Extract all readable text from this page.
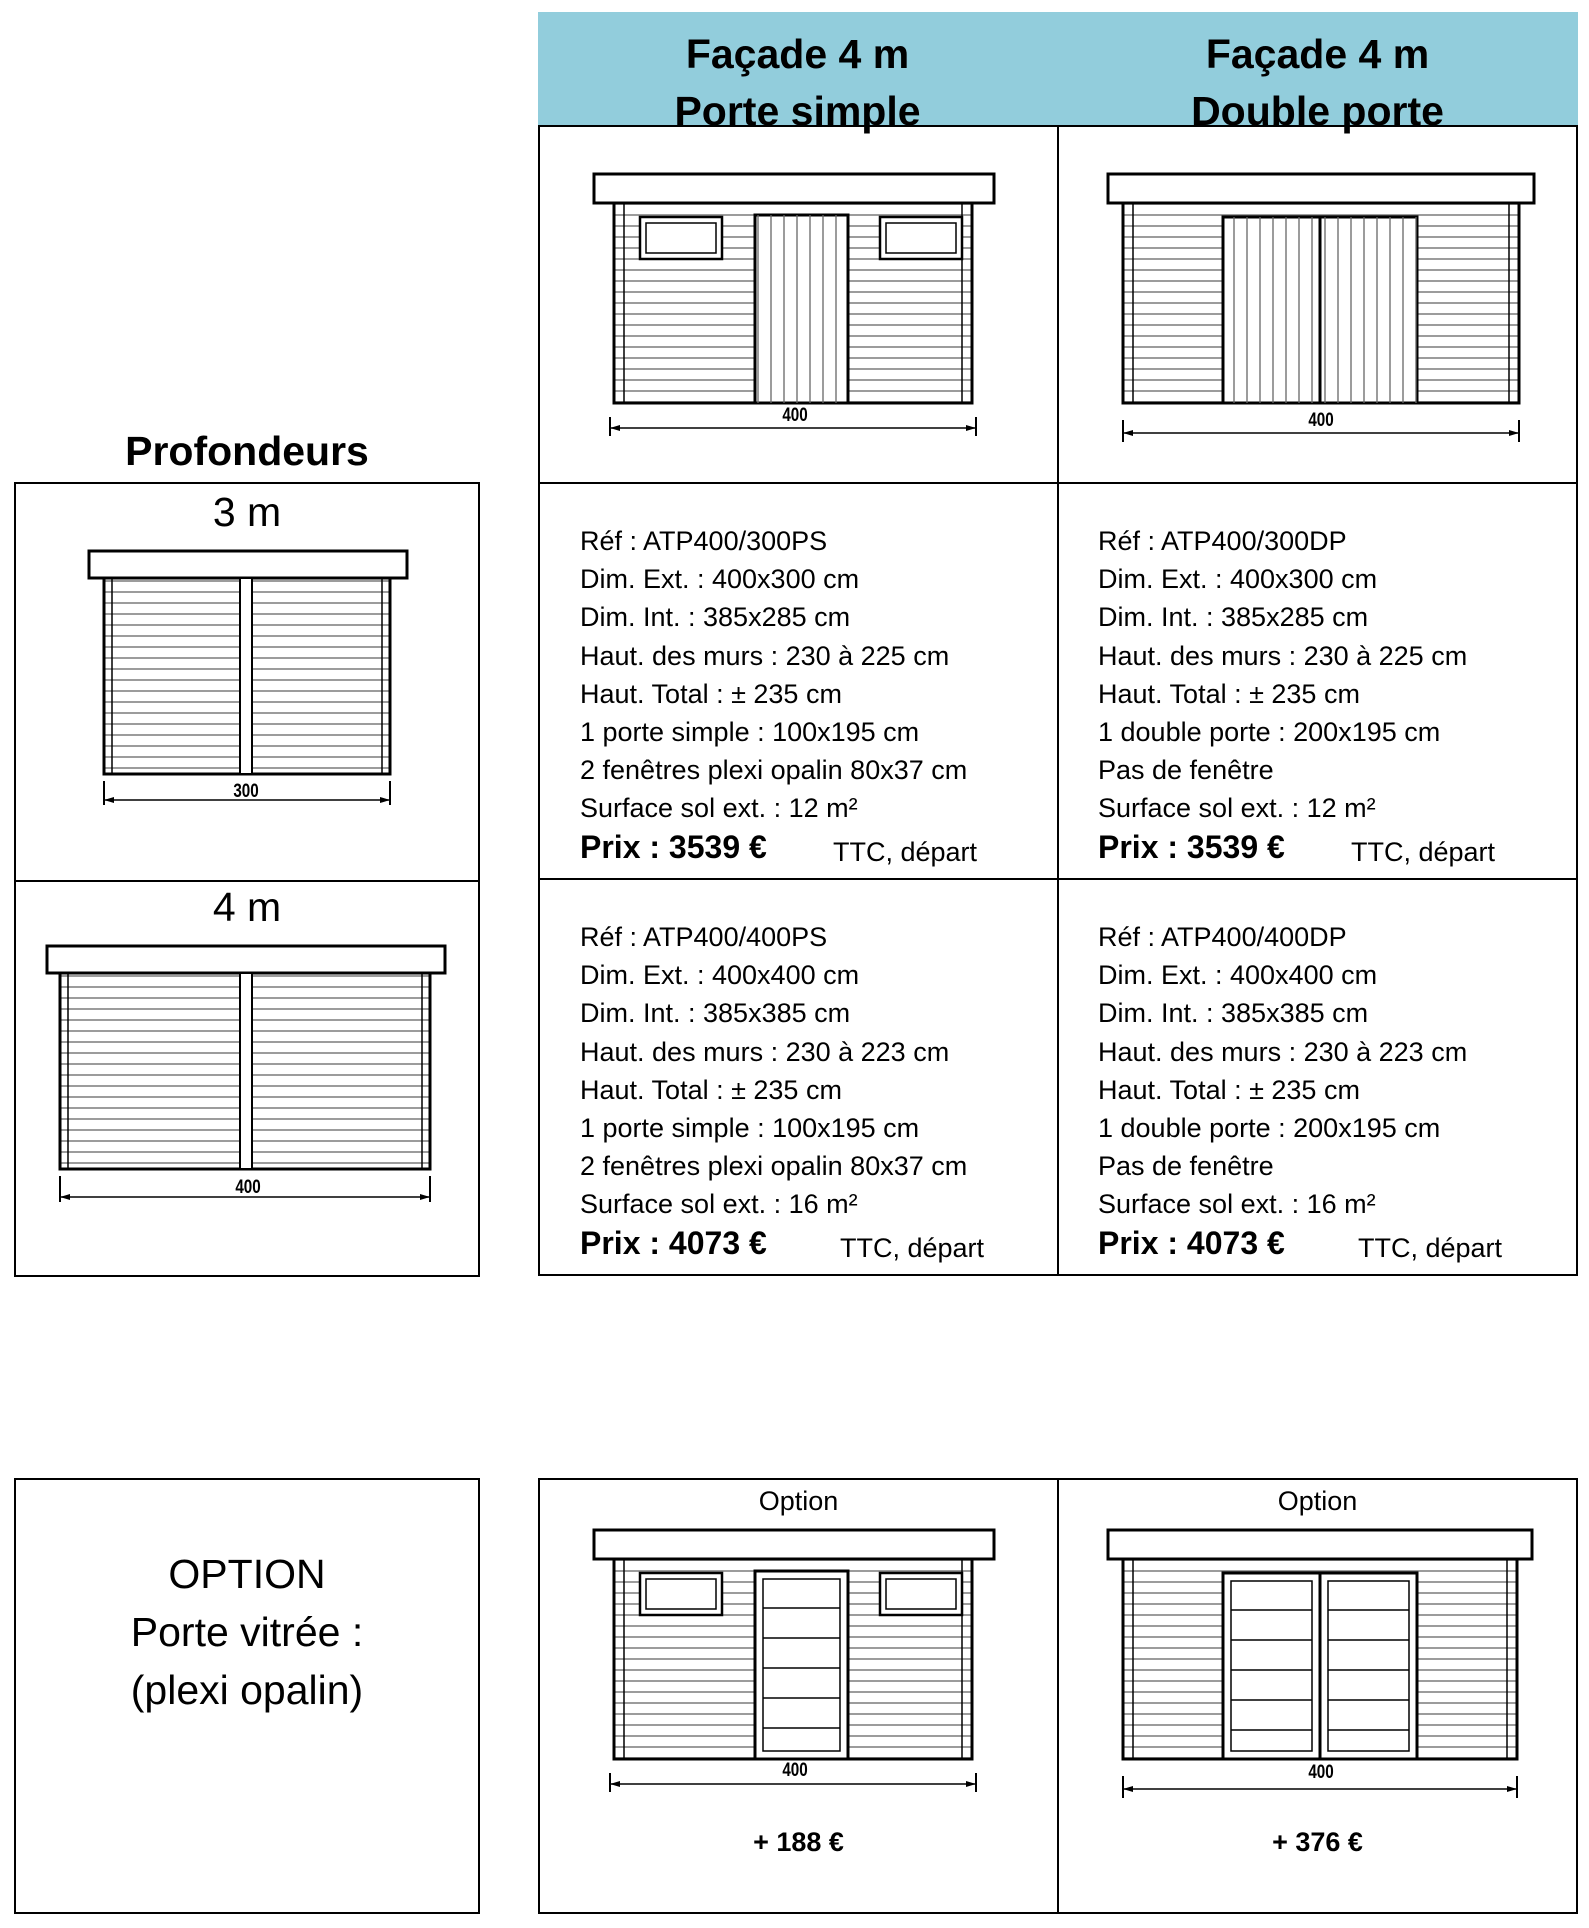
Façade 4 m
Porte simple
Façade 4 m
Double porte
400	400
Réf : ATP400/300PS
Dim. Ext. : 400x300 cm
Dim. Int. : 385x285 cm
Haut. des murs : 230 à 225 cm
Haut. Total : ± 235 cm
1 porte simple : 100x195 cm
2 fenêtres plexi opalin 80x37 cm
Surface sol ext. : 12 m²
Prix : 3539 € TTC, départ
Réf : ATP400/300DP
Dim. Ext. : 400x300 cm
Dim. Int. : 385x285 cm
Haut. des murs : 230 à 225 cm
Haut. Total : ± 235 cm
1 double porte : 200x195 cm
Pas de fenêtre
Surface sol ext. : 12 m²
Prix : 3539 € TTC, départ
Réf : ATP400/400PS
Dim. Ext. : 400x400 cm
Dim. Int. : 385x385 cm
Haut. des murs : 230 à 223 cm
Haut. Total : ± 235 cm
1 porte simple : 100x195 cm
2 fenêtres plexi opalin 80x37 cm
Surface sol ext. : 16 m²
Prix : 4073 €	TTC, départ
Réf : ATP400/400DP
Dim. Ext. : 400x400 cm
Dim. Int. : 385x385 cm
Haut. des murs : 230 à 223 cm
Haut. Total : ± 235 cm
1 double porte : 200x195 cm
Pas de fenêtre
Surface sol ext. : 16 m²
Prix : 4073 €	TTC, départ
Profondeurs
3 m
300
4 m
400
OPTION
Porte vitrée :
(plexi opalin)
Option
400
+ 188 €
Option
400
+ 376 €
